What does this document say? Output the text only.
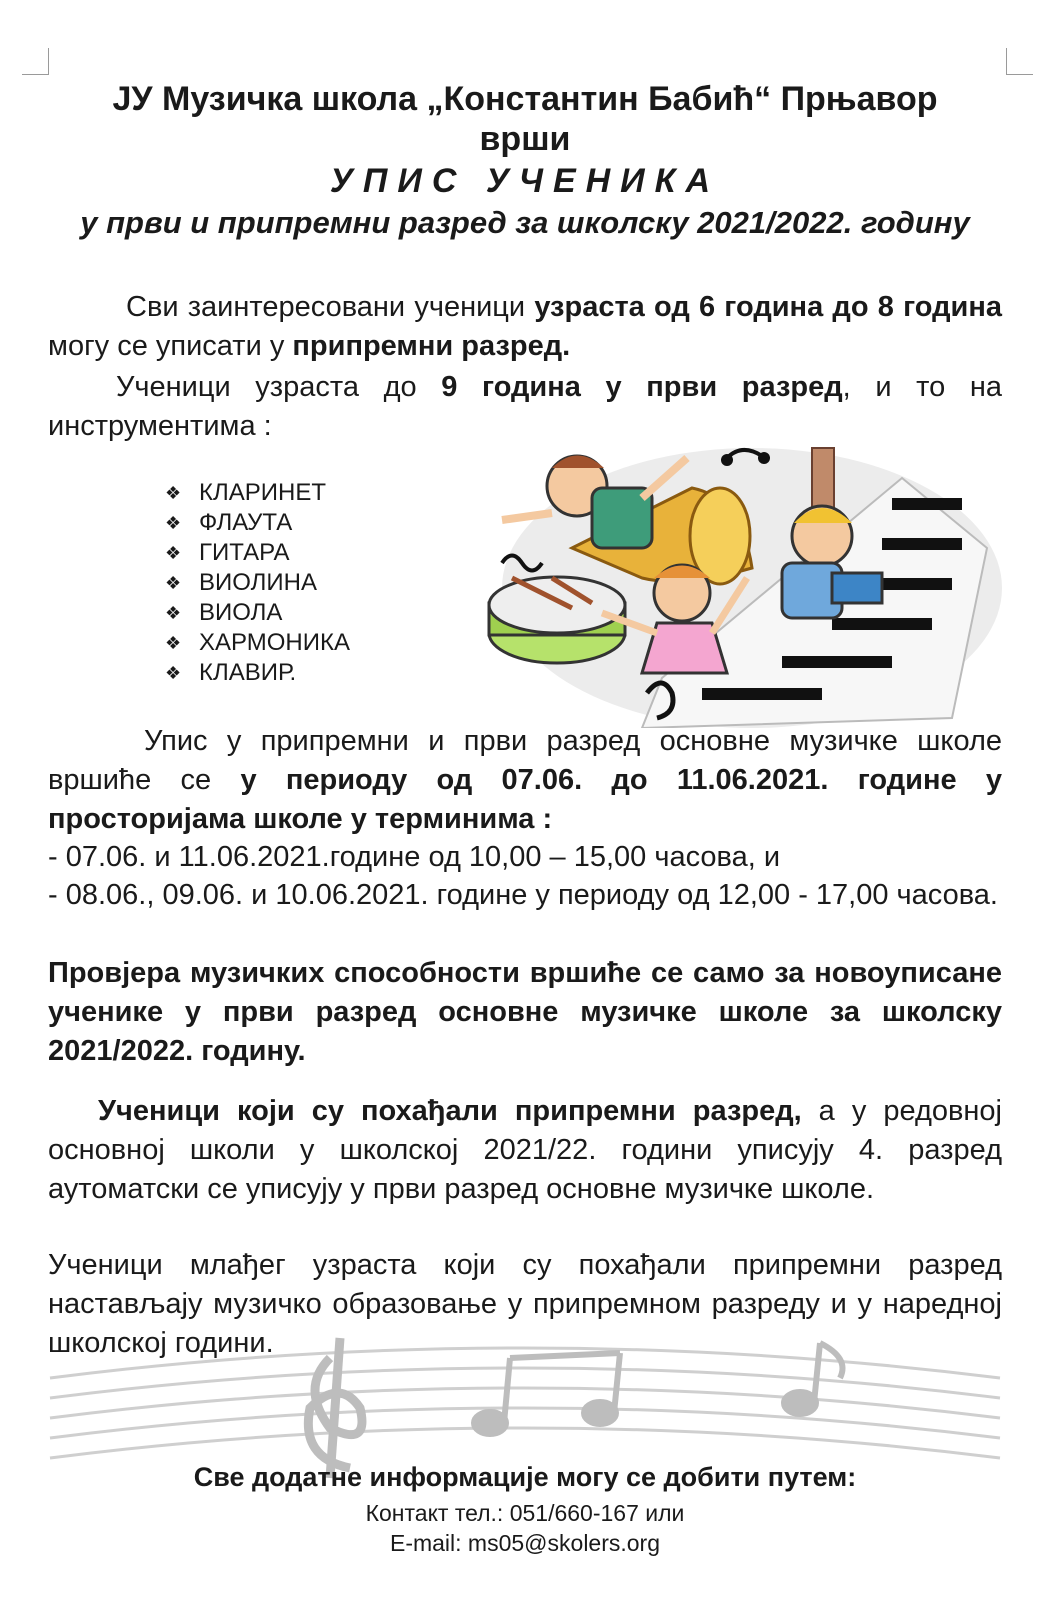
ЈУ Музичка школа „Константин Бабић“ Прњавор
врши
УПИС УЧЕНИКА
у први и припремни разред за школску 2021/2022. годину
Сви заинтересовани ученици узраста од 6 година до 8 година могу се уписати у припремни разред.
Ученици узраста до 9 година у први разред, и то на инструментима :
❖ КЛАРИНЕТ
❖ ФЛАУТА
❖ ГИТАРА
❖ ВИОЛИНА
❖ ВИОЛА
❖ ХАРМОНИКА
❖ КЛАВИР.
Упис у припремни и први разред основне музичке школе вршиће се у периоду од 07.06. до 11.06.2021. године у просторијама школе у терминима :
- 07.06. и 11.06.2021.године од 10,00 – 15,00 часова, и
- 08.06., 09.06. и 10.06.2021. године у периоду од 12,00 - 17,00 часова.
Провјера музичких способности вршиће се само за новоуписане ученике у први разред основне музичке школе за школску 2021/2022. годину.
Ученици који су похађали припремни разред, а у редовној основној школи у школској 2021/22. години уписују 4. разред аутоматски се уписују у први разред основне музичке школе.
Ученици млађег узраста који су похађали припремни разред настављају музичко образовање у припремном разреду и у наредној школској години.
Све додатне информације могу се добити путем:
Контакт тел.: 051/660-167 или
E-mail: ms05@skolers.org
